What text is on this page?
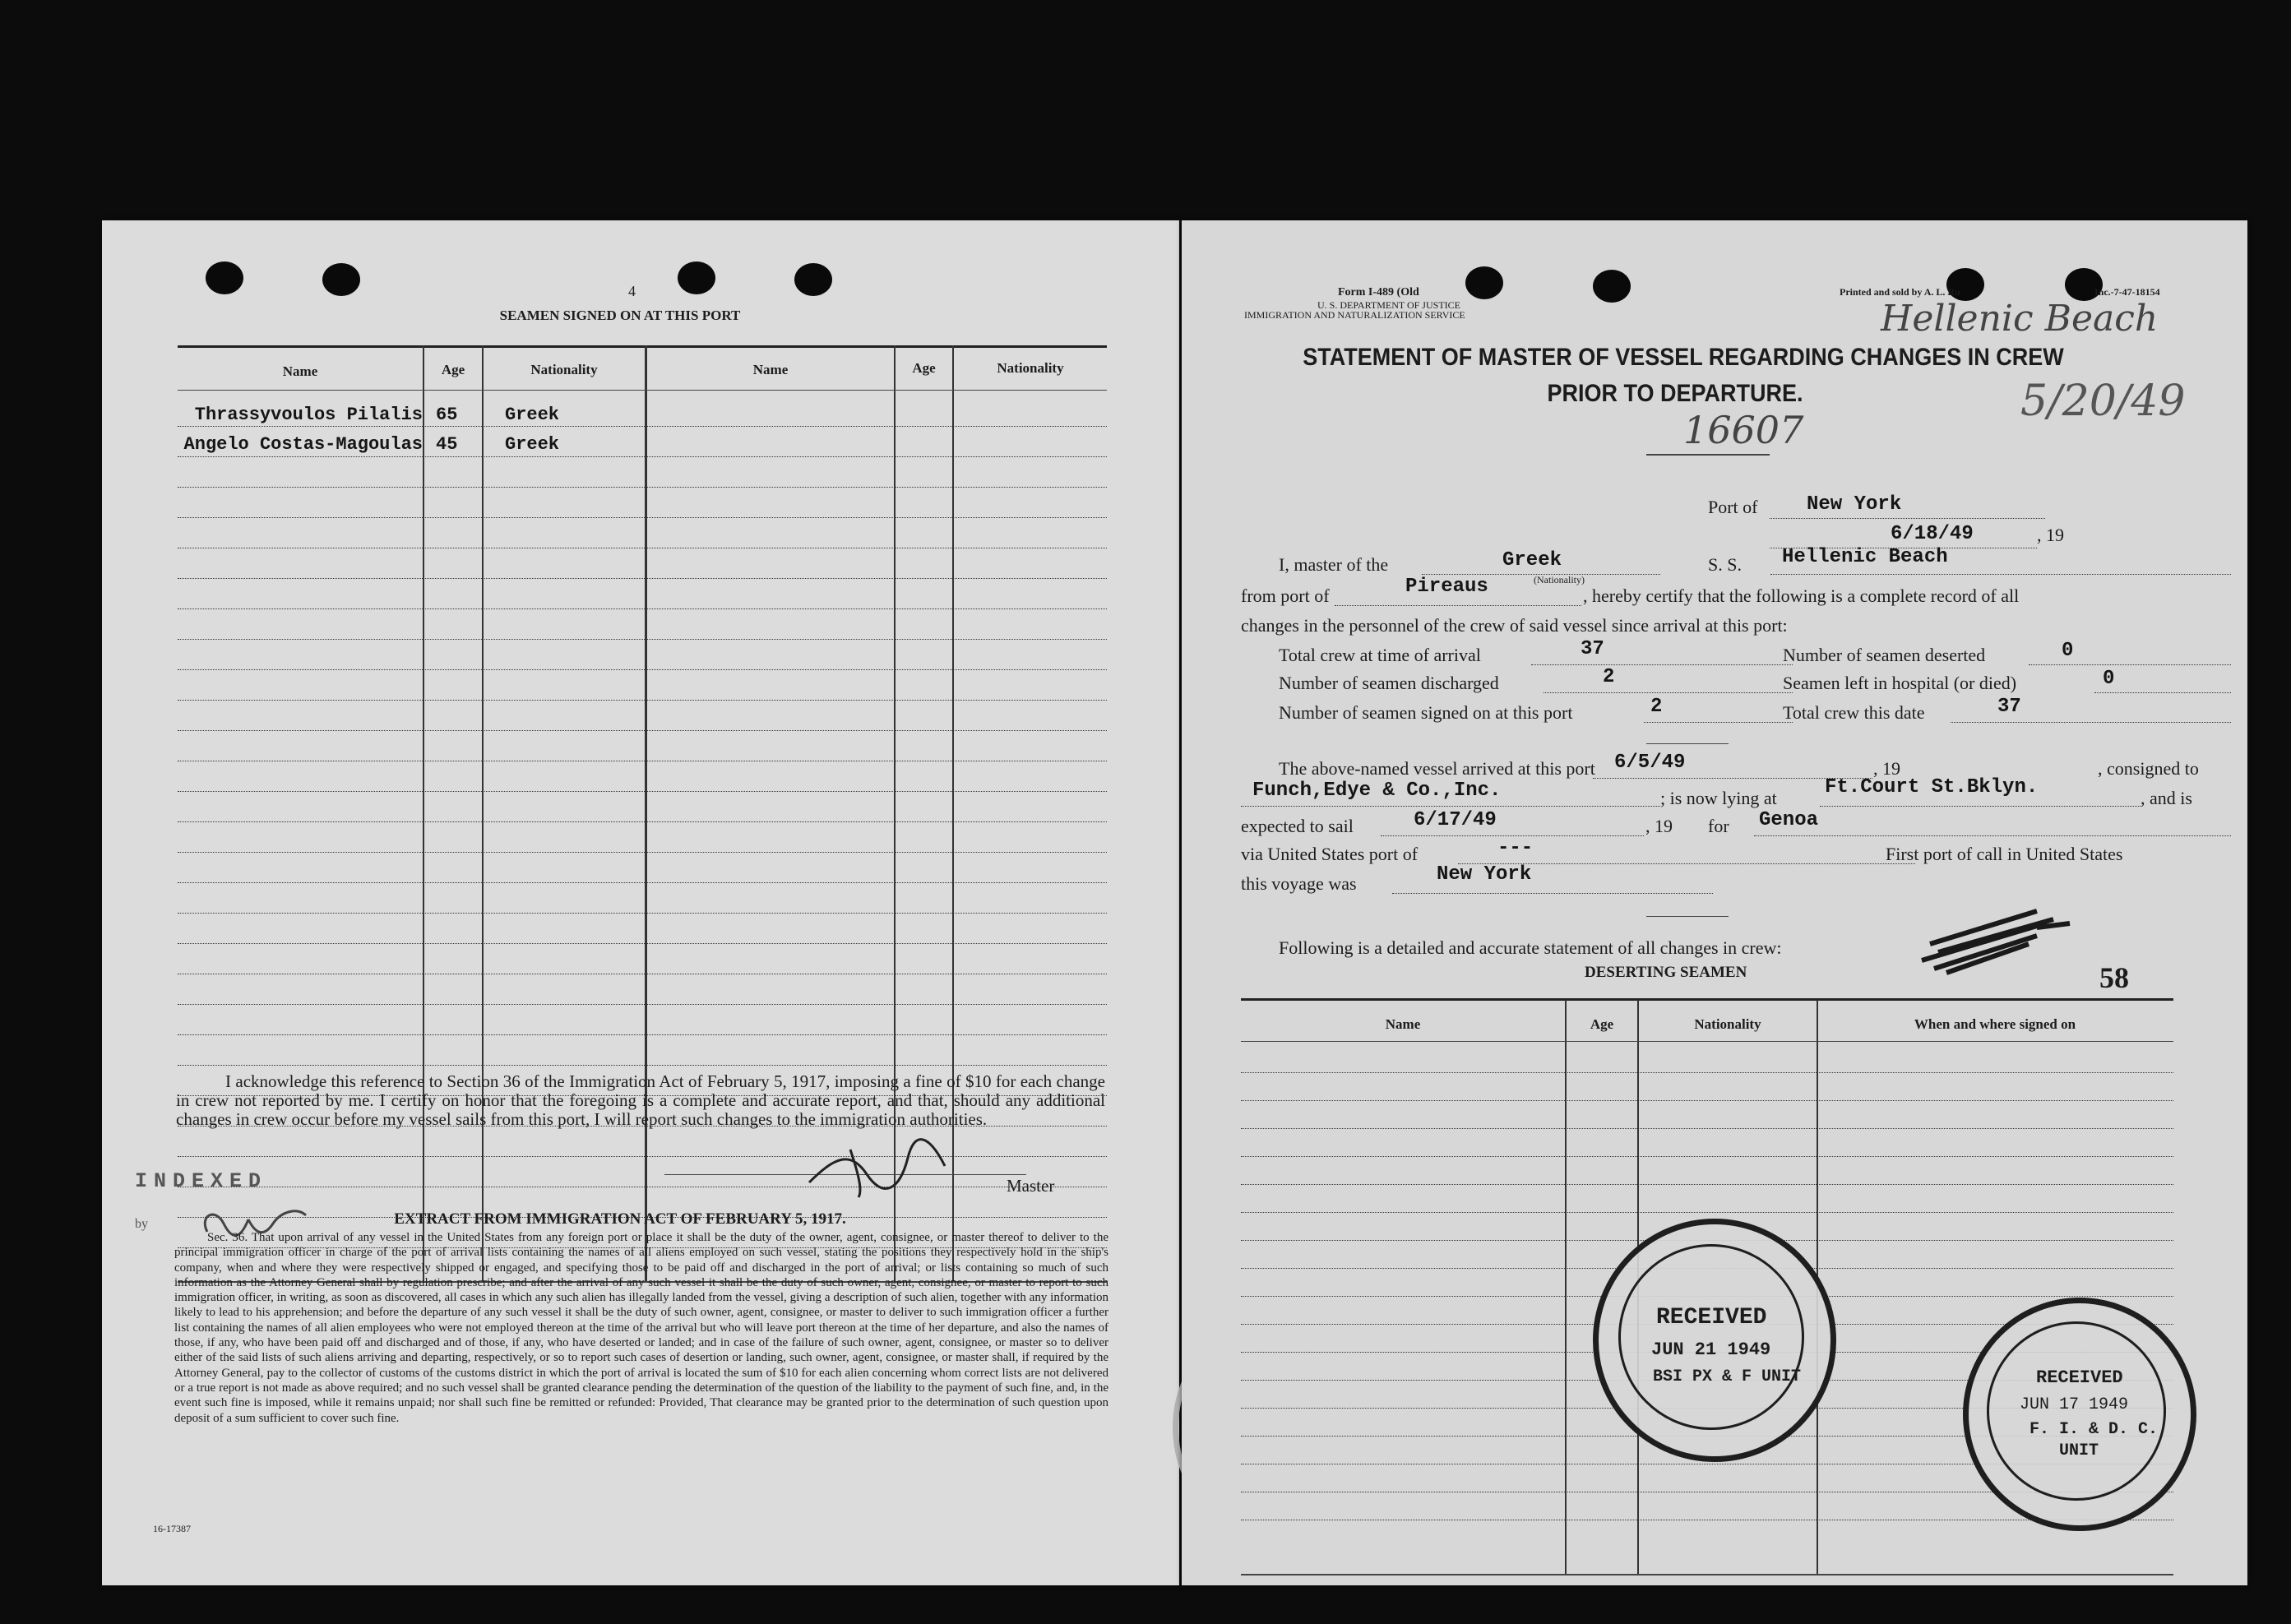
4
SEAMEN SIGNED ON AT THIS PORT
Name	Age	Nationality	Name	Age	Nationality
Thrassyvoulos Pilalis 65	Greek
Angelo Costas-Magoulas 45	Greek
I acknowledge this reference to Section 36 of the Immigration Act of February 5, 1917, imposing a fine of $10 for each change in crew not reported by me. I certify on honor that the foregoing is a complete and accurate report, and that, should any additional changes in crew occur before my vessel sails from this port, I will report such changes to the immigration authorities.
Master
INDEXED
by	EXTRACT FROM IMMIGRATION ACT OF FEBRUARY 5, 1917.
Sec. 36. That upon arrival of any vessel in the United States from any foreign port or place it shall be the duty of the owner, agent, consignee, or master thereof to deliver to the principal immigration officer in charge of the port of arrival lists containing the names of all aliens employed on such vessel, stating the positions they respectively hold in the ship's company, when and where they were respectively shipped or engaged, and specifying those to be paid off and discharged in the port of arrival; or lists containing so much of such information as the Attorney General shall by regulation prescribe; and after the arrival of any such vessel it shall be the duty of such owner, agent, consignee, or master to report to such immigration officer, in writing, as soon as discovered, all cases in which any such alien has illegally landed from the vessel, giving a description of such alien, together with any information likely to lead to his apprehension; and before the departure of any such vessel it shall be the duty of such owner, agent, consignee, or master to deliver to such immigration officer a further list containing the names of all alien employees who were not employed thereon at the time of the arrival but who will leave port thereon at the time of her departure, and also the names of those, if any, who have been paid off and discharged and of those, if any, who have deserted or landed; and in case of the failure of such owner, agent, consignee, or master so to deliver either of the said lists of such aliens arriving and departing, respectively, or so to report such cases of desertion or landing, such owner, agent, consignee, or master shall, if required by the Attorney General, pay to the collector of customs of the customs district in which the port of arrival is located the sum of $10 for each alien concerning whom correct lists are not delivered or a true report is not made as above required; and no such vessel shall be granted clearance pending the determination of the question of the liability to the payment of such fine, and, in the event such fine is imposed, while it remains unpaid; nor shall such fine be remitted or refunded: Provided, That clearance may be granted prior to the determination of such question upon deposit of a sum sufficient to cover such fine.
16-17387
Form I-489 (Old	Printed and sold by A. L. Ru	Inc.-7-47-18154
U. S. DEPARTMENT OF JUSTICE
IMMIGRATION AND NATURALIZATION SERVICE	Hellenic Beach
STATEMENT OF MASTER OF VESSEL REGARDING CHANGES IN CREW
PRIOR TO DEPARTURE.	5/20/49
16607
Port of New York
6/18/49	, 19
I, master of the	Greek
(Nationality)
S. S. Hellenic Beach
from port of	Pireaus	, hereby certify that the following is a complete record of all
changes in the personnel of the crew of said vessel since arrival at this port:
Total crew at time of arrival	37	Number of seamen deserted	0
Number of seamen discharged	2	Seamen left in hospital (or died)	0
Number of seamen signed on at this port	2	Total crew this date	37
The above-named vessel arrived at this port 6/5/49	, 19	, consigned to
Funch,Edye & Co.,Inc.	; is now lying at Ft.Court St.Bklyn.	, and is
expected to sail	6/17/49	, 19 for Genoa
via United States port of	---	First port of call in United States
this voyage was	New York
Following is a detailed and accurate statement of all changes in crew:
DESERTING SEAMEN	58
Name	Age	Nationality	When and where signed on
RECEIVED
JUN 21 1949
BSI PX & F UNIT	RECEIVED
JUN 17 1949
F. I. & D. C.
UNIT
